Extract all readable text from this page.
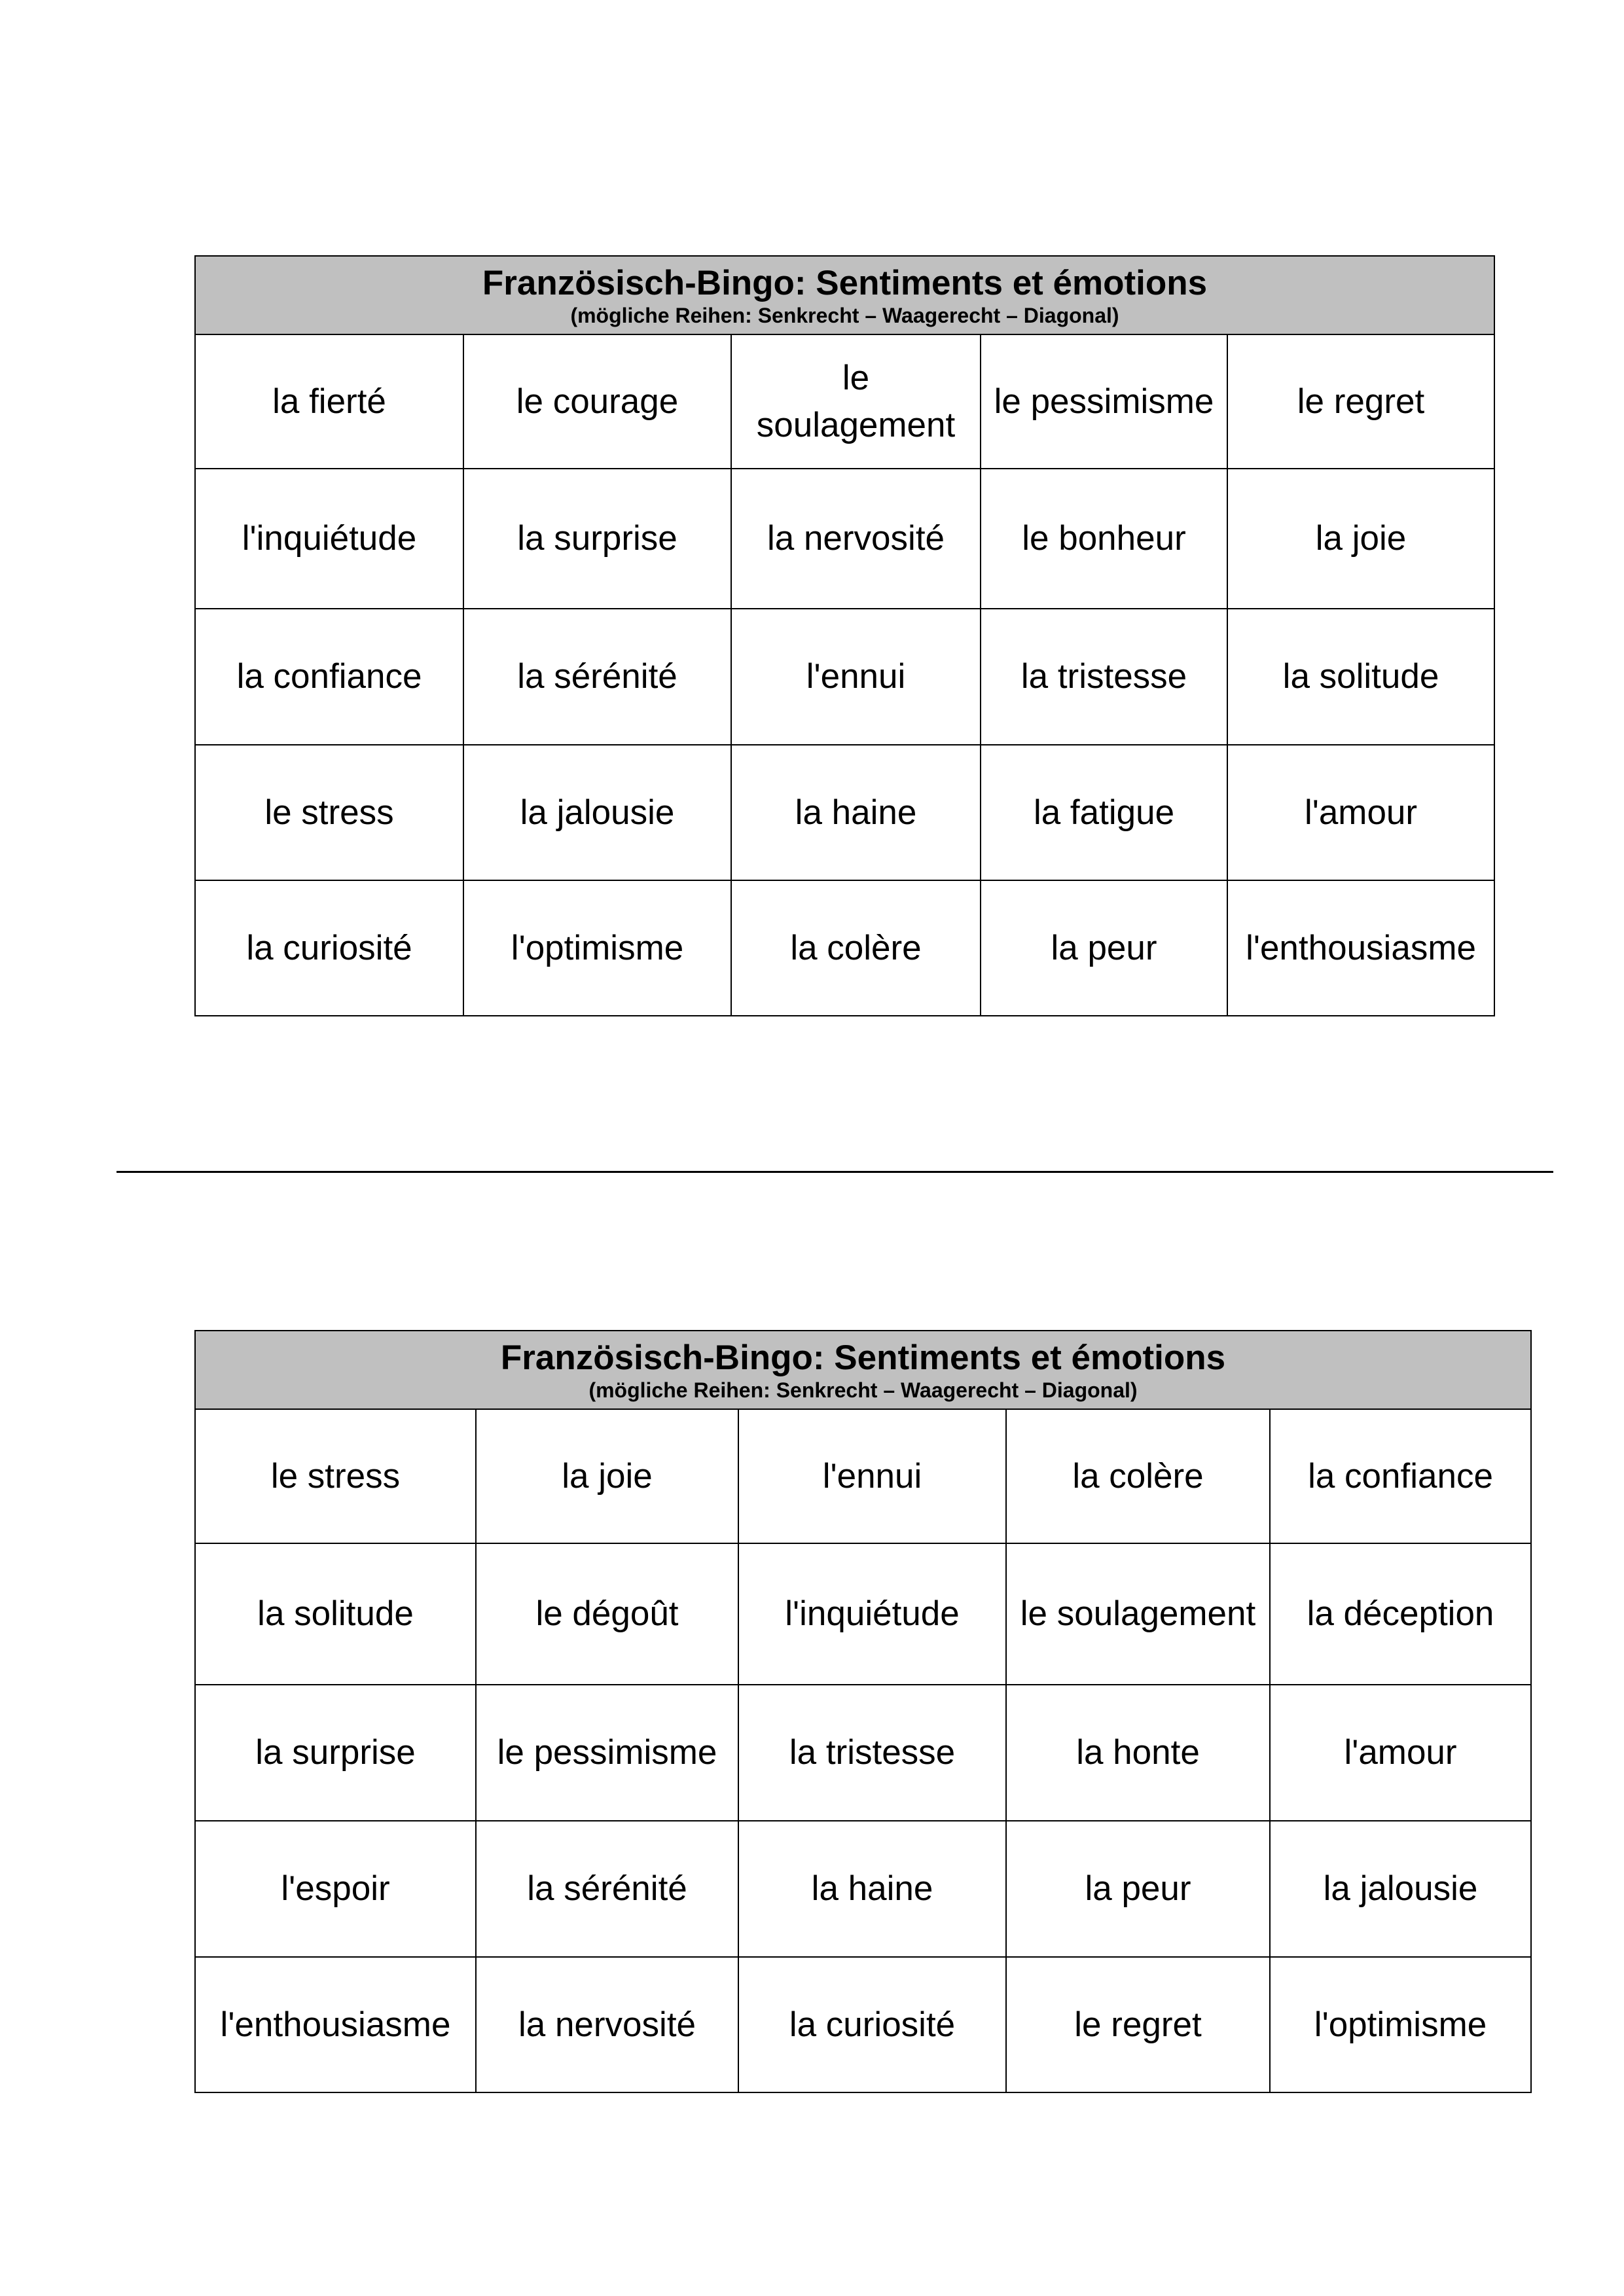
Französisch-Bingo: Sentiments et émotions
(mögliche Reihen: Senkrecht – Waagerecht – Diagonal)				

la fierté	le courage	le soulagement	le pessimisme	le regret
l'inquiétude	la surprise	la nervosité	le bonheur	la joie
la confiance	la sérénité	l'ennui	la tristesse	la solitude
le stress	la jalousie	la haine	la fatigue	l'amour
la curiosité	l'optimisme	la colère	la peur	l'enthousiasme
Französisch-Bingo: Sentiments et émotions
(mögliche Reihen: Senkrecht – Waagerecht – Diagonal)				

le stress	la joie	l'ennui	la colère	la confiance
la solitude	le dégoût	l'inquiétude	le soulagement	la déception
la surprise	le pessimisme	la tristesse	la honte	l'amour
l'espoir	la sérénité	la haine	la peur	la jalousie
l'enthousiasme	la nervosité	la curiosité	le regret	l'optimisme
